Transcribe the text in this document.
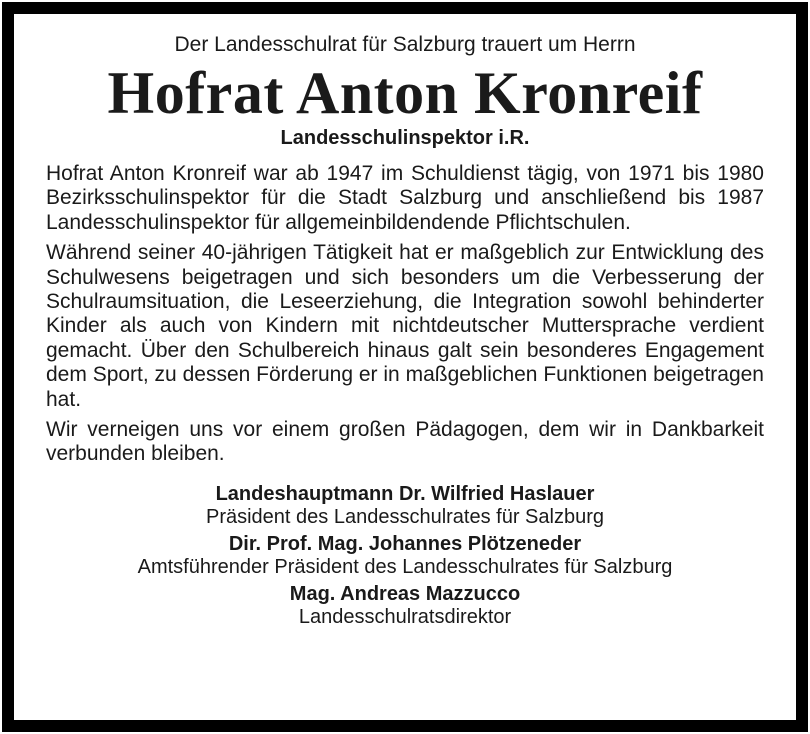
Der Landesschulrat für Salzburg trauert um Herrn

Hofrat Anton Kronreif

Landesschulinspektor i.R.

Hofrat Anton Kronreif war ab 1947 im Schuldienst tägig, von 1971 bis 1980 Bezirksschulinspektor für die Stadt Salzburg und anschließend bis 1987 Landesschulinspektor für allgemeinbildendende Pflichtschulen.

Während seiner 40-jährigen Tätigkeit hat er maßgeblich zur Entwicklung des Schulwesens beigetragen und sich besonders um die Verbesserung der Schulraumsituation, die Leseerziehung, die Integration sowohl behinderter Kinder als auch von Kindern mit nichtdeutscher Muttersprache verdient gemacht. Über den Schulbereich hinaus galt sein besonderes Engagement dem Sport, zu dessen Förderung er in maßgeblichen Funktionen beigetragen hat.

Wir verneigen uns vor einem großen Pädagogen, dem wir in Dankbarkeit verbunden bleiben.

Landeshauptmann Dr. Wilfried Haslauer

Präsident des Landesschulrates für Salzburg

Dir. Prof. Mag. Johannes Plötzeneder

Amtsführender Präsident des Landesschulrates für Salzburg

Mag. Andreas Mazzucco

Landesschulratsdirektor
